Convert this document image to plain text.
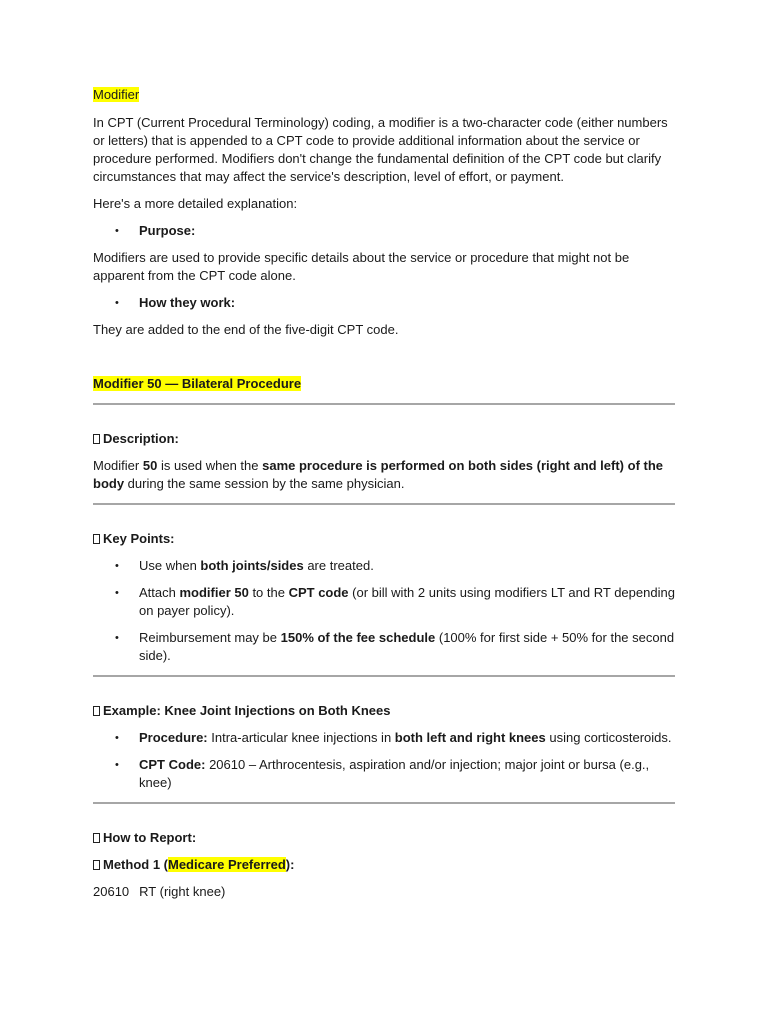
Modifier

In CPT (Current Procedural Terminology) coding, a modifier is a two-character code (either numbers or letters) that is appended to a CPT code to provide additional information about the service or procedure performed. Modifiers don't change the fundamental definition of the CPT code but clarify circumstances that may affect the service's description, level of effort, or payment.

Here's a more detailed explanation:

• Purpose:

Modifiers are used to provide specific details about the service or procedure that might not be apparent from the CPT code alone.

• How they work:

They are added to the end of the five-digit CPT code.

Modifier 50 — Bilateral Procedure

Description:

Modifier 50 is used when the same procedure is performed on both sides (right and left) of the body during the same session by the same physician.

Key Points:

• Use when both joints/sides are treated.
• Attach modifier 50 to the CPT code (or bill with 2 units using modifiers LT and RT depending on payer policy).
• Reimbursement may be 150% of the fee schedule (100% for first side + 50% for the second side).

Example: Knee Joint Injections on Both Knees

• Procedure: Intra-articular knee injections in both left and right knees using corticosteroids.
• CPT Code: 20610 – Arthrocentesis, aspiration and/or injection; major joint or bursa (e.g., knee)

How to Report:

Method 1 (Medicare Preferred):

20610 RT (right knee)
